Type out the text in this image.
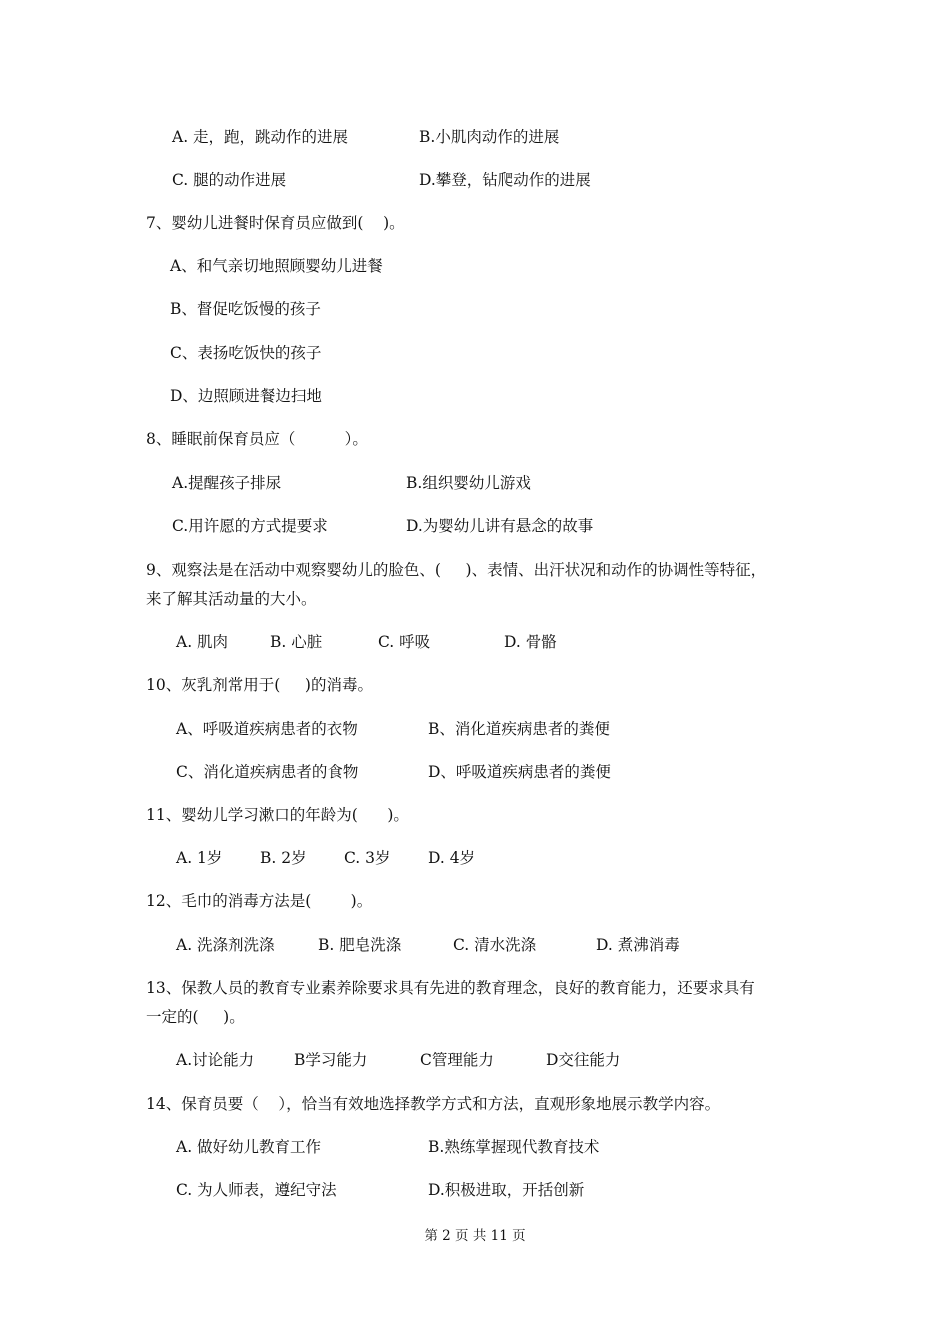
A. 走，跑，跳动作的进展	B.小肌肉动作的进展
C. 腿的动作进展	D.攀登，钻爬动作的进展
7、婴幼儿进餐时保育员应做到(    )。
A、和气亲切地照顾婴幼儿进餐
B、督促吃饭慢的孩子
C、表扬吃饭快的孩子
D、边照顾进餐边扫地
8、睡眠前保育员应（          ）。
A.提醒孩子排尿	B.组织婴幼儿游戏
C.用许愿的方式提要求	D.为婴幼儿讲有悬念的故事
9、观察法是在活动中观察婴幼儿的脸色、(     )、表情、出汗状况和动作的协调性等特征，
来了解其活动量的大小。
A. 肌肉	B. 心脏	C. 呼吸	D. 骨骼
10、灰乳剂常用于(     )的消毒。
A、呼吸道疾病患者的衣物	B、消化道疾病患者的粪便
C、消化道疾病患者的食物	D、呼吸道疾病患者的粪便
11、婴幼儿学习漱口的年龄为(      )。
A. 1岁 B. 2岁 C. 3岁 D. 4岁
12、毛巾的消毒方法是(        )。
A. 洗涤剂洗涤	B. 肥皂洗涤	C. 清水洗涤	D. 煮沸消毒
13、保教人员的教育专业素养除要求具有先进的教育理念，良好的教育能力，还要求具有
一定的(     )。
A.讨论能力	B学习能力	C管理能力	D交往能力
14、保育员要（    ），恰当有效地选择教学方式和方法，直观形象地展示教学内容。
A. 做好幼儿教育工作	B.熟练掌握现代教育技术
C. 为人师表，遵纪守法	D.积极进取，开括创新
第 2 页 共 11 页
